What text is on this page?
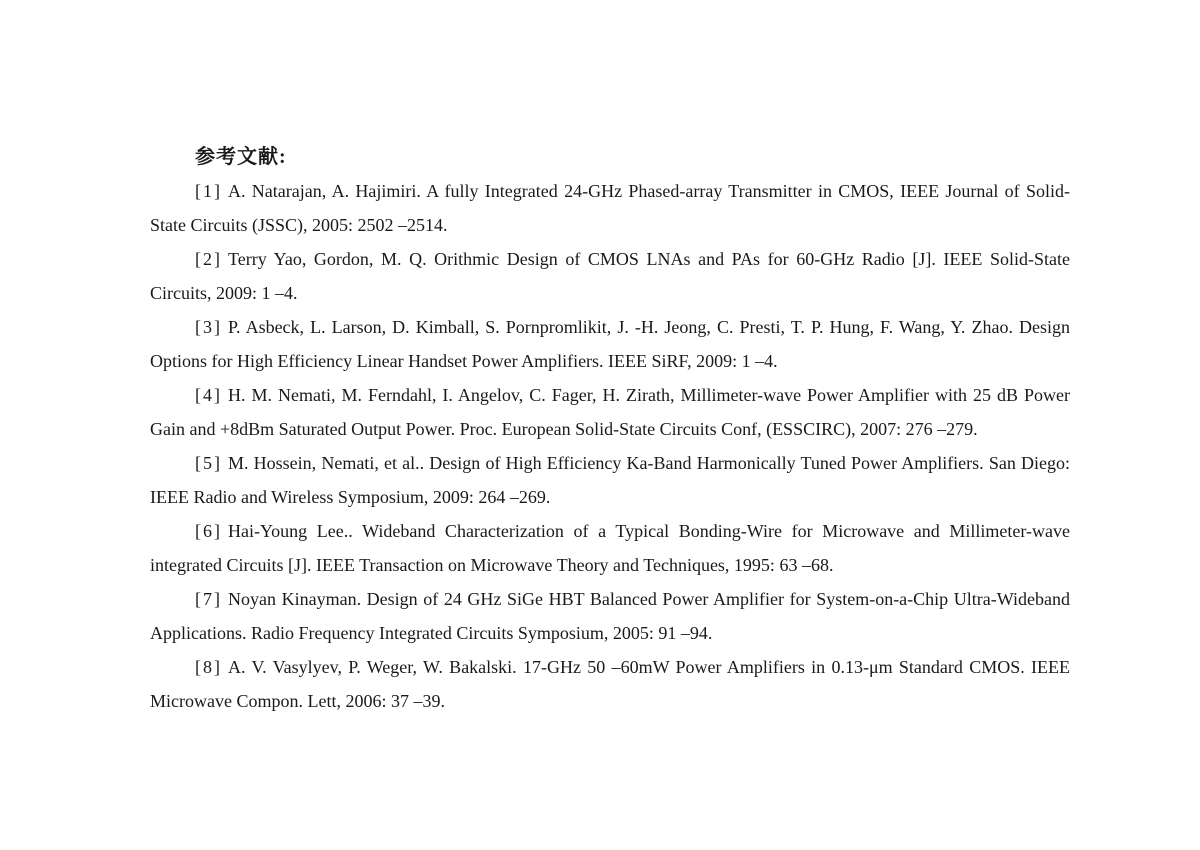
参考文献:

[1] A. Natarajan, A. Hajimiri. A fully Integrated 24-GHz Phased-array Transmitter in CMOS, IEEE Journal of Solid-State Circuits (JSSC), 2005: 2502 –2514.

[2] Terry Yao, Gordon, M. Q. Orithmic Design of CMOS LNAs and PAs for 60-GHz Radio [J]. IEEE Solid-State Circuits, 2009: 1 –4.

[3] P. Asbeck, L. Larson, D. Kimball, S. Pornpromlikit, J. -H. Jeong, C. Presti, T. P. Hung, F. Wang, Y. Zhao. Design Options for High Efficiency Linear Handset Power Amplifiers. IEEE SiRF, 2009: 1 –4.

[4] H. M. Nemati, M. Ferndahl, I. Angelov, C. Fager, H. Zirath, Millimeter-wave Power Amplifier with 25 dB Power Gain and +8dBm Saturated Output Power. Proc. European Solid-State Circuits Conf, (ESSCIRC), 2007: 276 –279.

[5] M. Hossein, Nemati, et al.. Design of High Efficiency Ka-Band Harmonically Tuned Power Amplifiers. San Diego: IEEE Radio and Wireless Symposium, 2009: 264 –269.

[6] Hai-Young Lee.. Wideband Characterization of a Typical Bonding-Wire for Microwave and Millimeter-wave integrated Circuits [J]. IEEE Transaction on Microwave Theory and Techniques, 1995: 63 –68.

[7] Noyan Kinayman. Design of 24 GHz SiGe HBT Balanced Power Amplifier for System-on-a-Chip Ultra-Wideband Applications. Radio Frequency Integrated Circuits Symposium, 2005: 91 –94.

[8] A. V. Vasylyev, P. Weger, W. Bakalski. 17-GHz 50 –60mW Power Amplifiers in 0.13-μm Standard CMOS. IEEE Microwave Compon. Lett, 2006: 37 –39.
